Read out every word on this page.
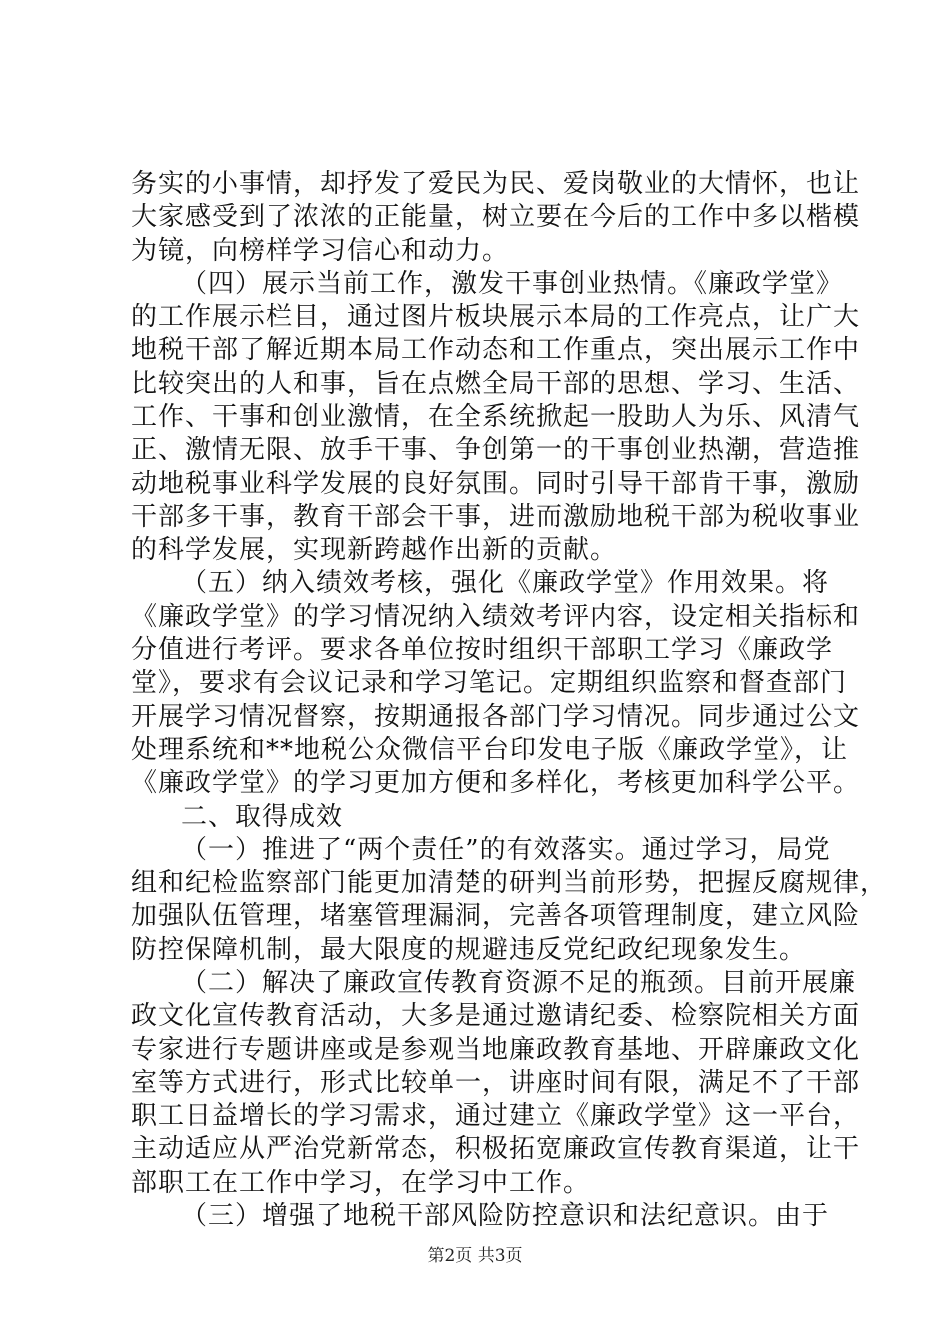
务实的小事情，却抒发了爱民为民、爱岗敬业的大情怀，也让
大家感受到了浓浓的正能量，树立要在今后的工作中多以楷模
为镜，向榜样学习信心和动力。
（四）展示当前工作，激发干事创业热情。《廉政学堂》
的工作展示栏目，通过图片板块展示本局的工作亮点，让广大
地税干部了解近期本局工作动态和工作重点，突出展示工作中
比较突出的人和事，旨在点燃全局干部的思想、学习、生活、
工作、干事和创业激情，在全系统掀起一股助人为乐、风清气
正、激情无限、放手干事、争创第一的干事创业热潮，营造推
动地税事业科学发展的良好氛围。同时引导干部肯干事，激励
干部多干事，教育干部会干事，进而激励地税干部为税收事业
的科学发展，实现新跨越作出新的贡献。
（五）纳入绩效考核，强化《廉政学堂》作用效果。将
《廉政学堂》的学习情况纳入绩效考评内容，设定相关指标和
分值进行考评。要求各单位按时组织干部职工学习《廉政学
堂》，要求有会议记录和学习笔记。定期组织监察和督查部门
开展学习情况督察，按期通报各部门学习情况。同步通过公文
处理系统和**地税公众微信平台印发电子版《廉政学堂》，让
《廉政学堂》的学习更加方便和多样化，考核更加科学公平。
二、取得成效
（一）推进了“两个责任”的有效落实。通过学习，局党
组和纪检监察部门能更加清楚的研判当前形势，把握反腐规律，
加强队伍管理，堵塞管理漏洞，完善各项管理制度，建立风险
防控保障机制，最大限度的规避违反党纪政纪现象发生。
（二）解决了廉政宣传教育资源不足的瓶颈。目前开展廉
政文化宣传教育活动，大多是通过邀请纪委、检察院相关方面
专家进行专题讲座或是参观当地廉政教育基地、开辟廉政文化
室等方式进行，形式比较单一，讲座时间有限，满足不了干部
职工日益增长的学习需求，通过建立《廉政学堂》这一平台，
主动适应从严治党新常态，积极拓宽廉政宣传教育渠道，让干
部职工在工作中学习，在学习中工作。
（三）增强了地税干部风险防控意识和法纪意识。由于
第2页 共3页
